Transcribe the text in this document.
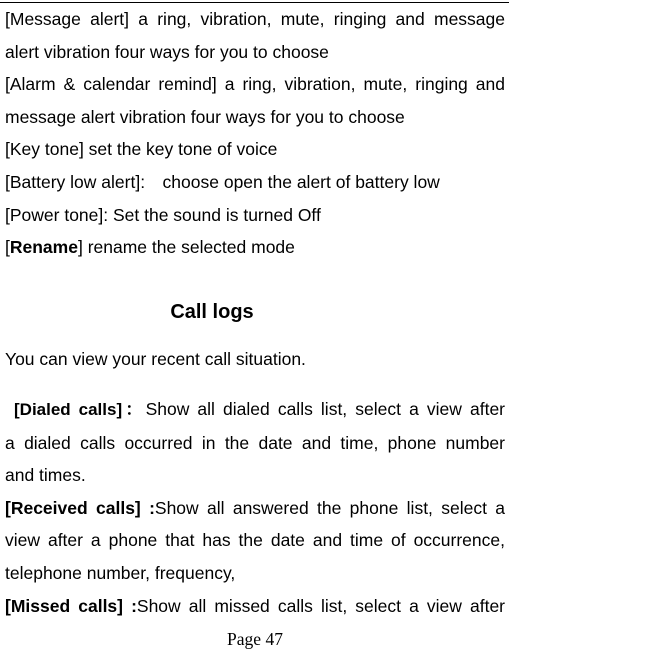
[Message alert] a ring, vibration, mute, ringing and message

alert vibration four ways for you to choose

[Alarm & calendar remind] a ring, vibration, mute, ringing and

message alert vibration four ways for you to choose

[Key tone] set the key tone of voice

[Battery low alert]:　choose open the alert of battery low

[Power tone]: Set the sound is turned Off

[Rename] rename the selected mode

Call logs
You can view your recent call situation.

[Dialed calls]：Show all dialed calls list, select a view after

a dialed calls occurred in the date and time, phone number

and times.

[Received calls] :Show all answered the phone list, select a

view after a phone that has the date and time of occurrence,

telephone number, frequency,

[Missed calls] :Show all missed calls list, select a view after

Page 47
